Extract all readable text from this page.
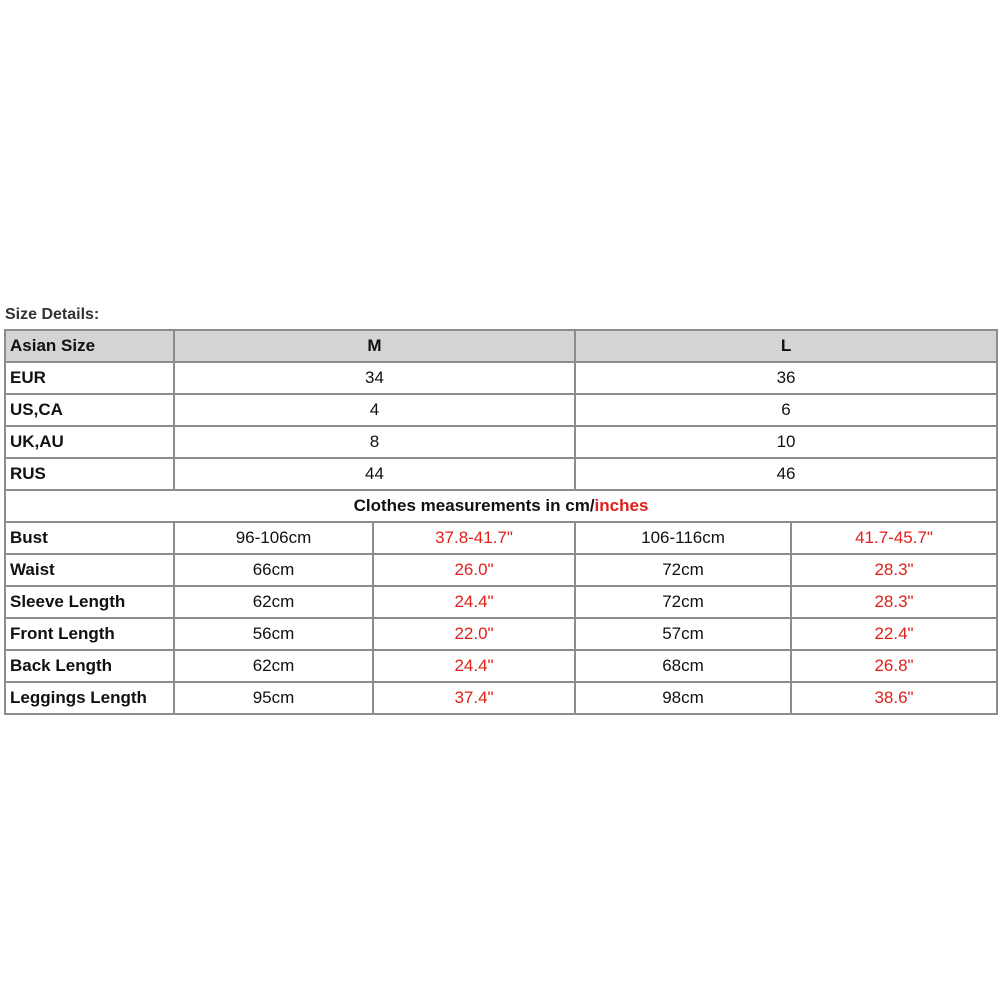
Size Details:
Asian Size	M		L	
EUR	34		36	
US,CA	4		6	
UK,AU	8		10	
RUS	44		46	
Clothes measurements in cm/inches				
Bust	96-106cm	37.8-41.7"	106-116cm	41.7-45.7"
Waist	66cm	26.0"	72cm	28.3"
Sleeve Length	62cm	24.4"	72cm	28.3"
Front Length	56cm	22.0"	57cm	22.4"
Back Length	62cm	24.4"	68cm	26.8"
Leggings Length	95cm	37.4"	98cm	38.6"
